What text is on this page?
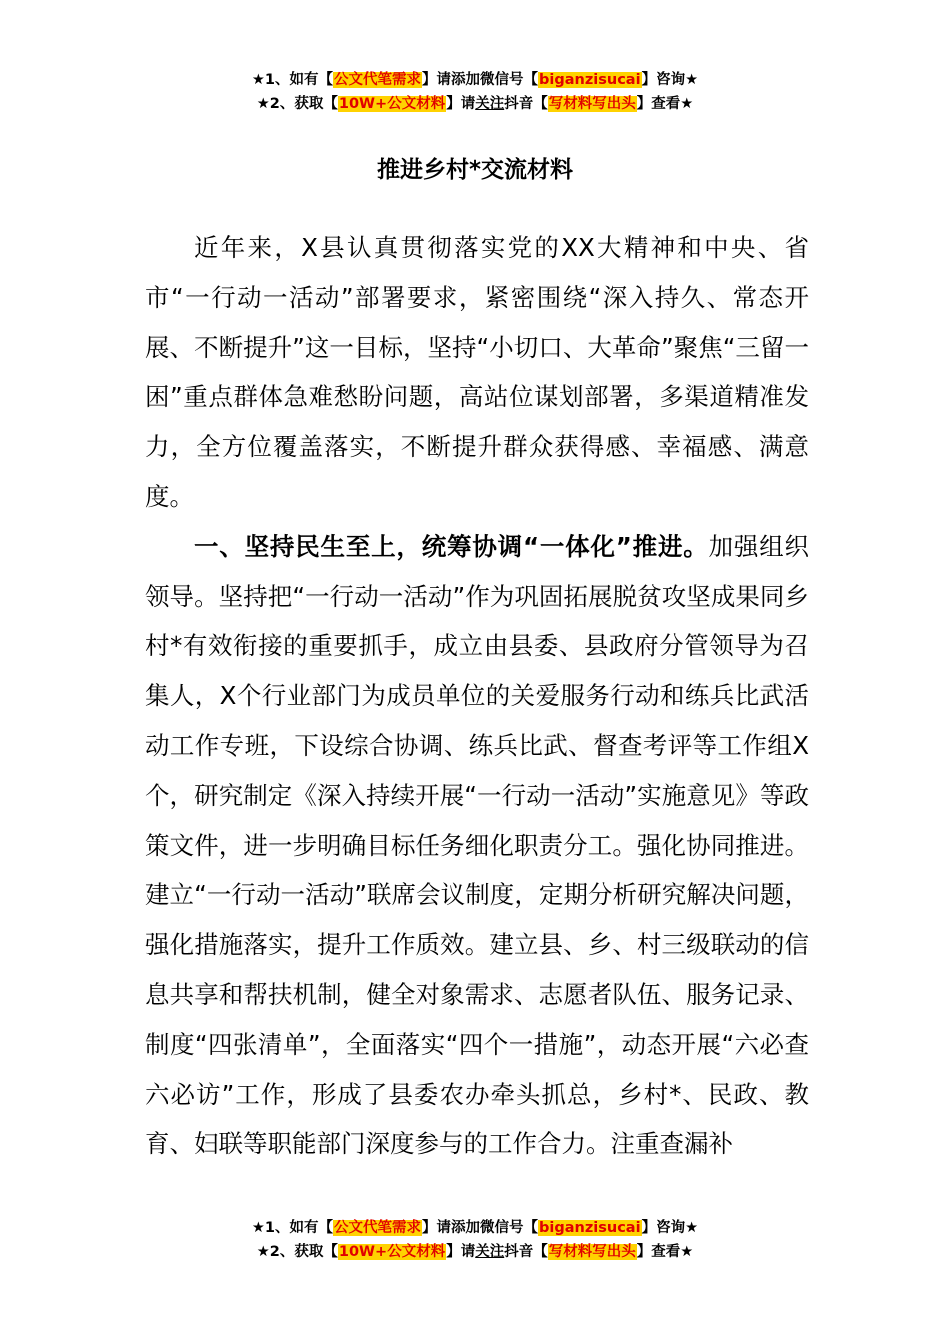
★1、如有【公文代笔需求】请添加微信号【biganzisucai】咨询★
★2、获取【10W+公文材料】请关注抖音【写材料写出头】查看★
推进乡村*交流材料

近年来，X县认真贯彻落实党的XX大精神和中央、省市“一行动一活动”部署要求，紧密围绕“深入持久、常态开展、不断提升”这一目标，坚持“小切口、大革命”聚焦“三留一困”重点群体急难愁盼问题，高站位谋划部署，多渠道精准发力，全方位覆盖落实，不断提升群众获得感、幸福感、满意度。

一、坚持民生至上，统筹协调“一体化”推进。加强组织领导。坚持把“一行动一活动”作为巩固拓展脱贫攻坚成果同乡村*有效衔接的重要抓手，成立由县委、县政府分管领导为召集人，X个行业部门为成员单位的关爱服务行动和练兵比武活动工作专班，下设综合协调、练兵比武、督查考评等工作组X个，研究制定《深入持续开展“一行动一活动”实施意见》等政策文件，进一步明确目标任务细化职责分工。强化协同推进。建立“一行动一活动”联席会议制度，定期分析研究解决问题，强化措施落实，提升工作质效。建立县、乡、村三级联动的信息共享和帮扶机制，健全对象需求、志愿者队伍、服务记录、制度“四张清单”，全面落实“四个一措施”，动态开展“六必查六必访”工作，形成了县委农办牵头抓总，乡村*、民政、教育、妇联等职能部门深度参与的工作合力。注重查漏补

★1、如有【公文代笔需求】请添加微信号【biganzisucai】咨询★
★2、获取【10W+公文材料】请关注抖音【写材料写出头】查看★
